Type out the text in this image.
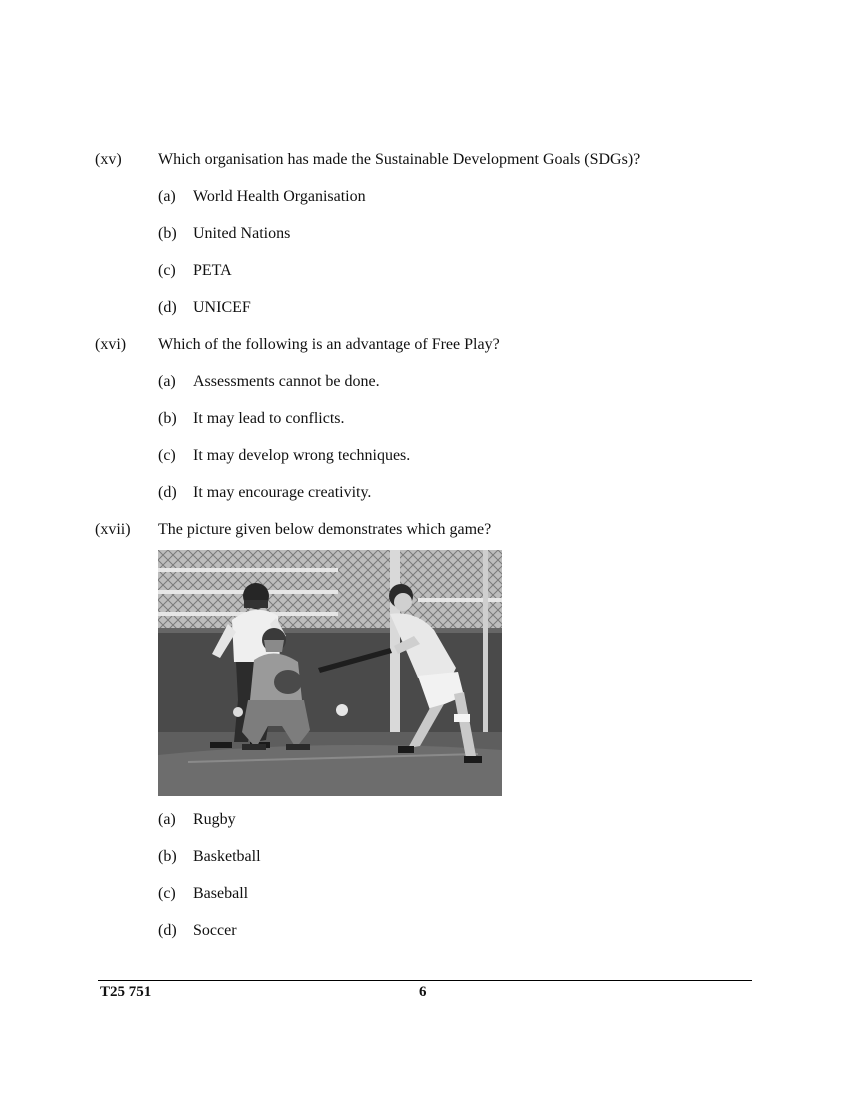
(xv) Which organisation has made the Sustainable Development Goals (SDGs)?
(a) World Health Organisation
(b) United Nations
(c) PETA
(d) UNICEF
(xvi) Which of the following is an advantage of Free Play?
(a) Assessments cannot be done.
(b) It may lead to conflicts.
(c) It may develop wrong techniques.
(d) It may encourage creativity.
(xvii) The picture given below demonstrates which game?
(a) Rugby
(b) Basketball
(c) Baseball
(d) Soccer
T25 751	6
